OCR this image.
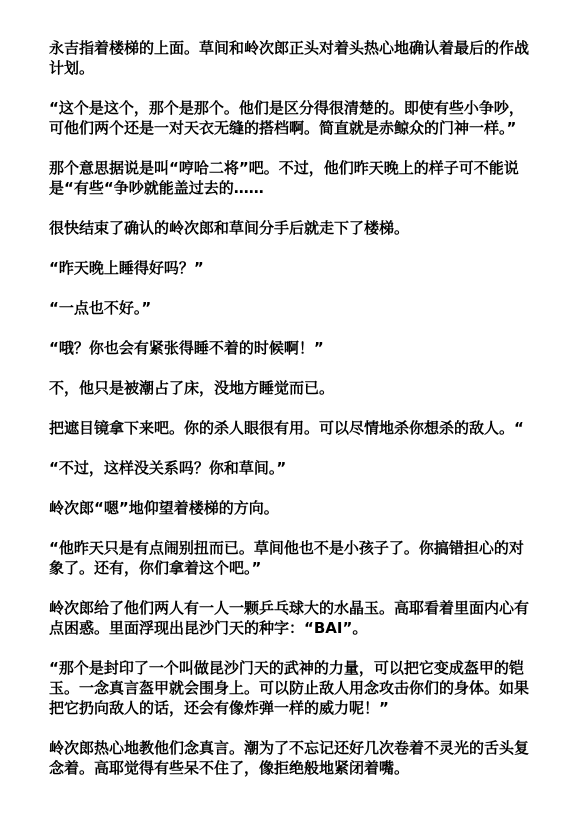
永吉指着楼梯的上面。草间和岭次郎正头对着头热心地确认着最后的作战计划。

“这个是这个，那个是那个。他们是区分得很清楚的。即使有些小争吵，可他们两个还是一对天衣无缝的搭档啊。简直就是赤鲸众的门神一样。”

那个意思据说是叫“哼哈二将”吧。不过，他们昨天晚上的样子可不能说是“有些“争吵就能盖过去的……

很快结束了确认的岭次郎和草间分手后就走下了楼梯。

“昨天晚上睡得好吗？”

“一点也不好。”

“哦？你也会有紧张得睡不着的时候啊！”

不，他只是被潮占了床，没地方睡觉而已。

把遮目镜拿下来吧。你的杀人眼很有用。可以尽情地杀你想杀的敌人。“

“不过，这样没关系吗？你和草间。”

岭次郎“嗯”地仰望着楼梯的方向。

“他昨天只是有点闹别扭而已。草间他也不是小孩子了。你搞错担心的对象了。还有，你们拿着这个吧。”

岭次郎给了他们两人有一人一颗乒乓球大的水晶玉。高耶看着里面内心有点困惑。里面浮现出昆沙门天的种字：“BAI”。

“那个是封印了一个叫做昆沙门天的武神的力量，可以把它变成盔甲的铠玉。一念真言盔甲就会围身上。可以防止敌人用念攻击你们的身体。如果把它扔向敌人的话，还会有像炸弹一样的威力呢！”

岭次郎热心地教他们念真言。潮为了不忘记还好几次卷着不灵光的舌头复念着。高耶觉得有些呆不住了，像拒绝般地紧闭着嘴。
